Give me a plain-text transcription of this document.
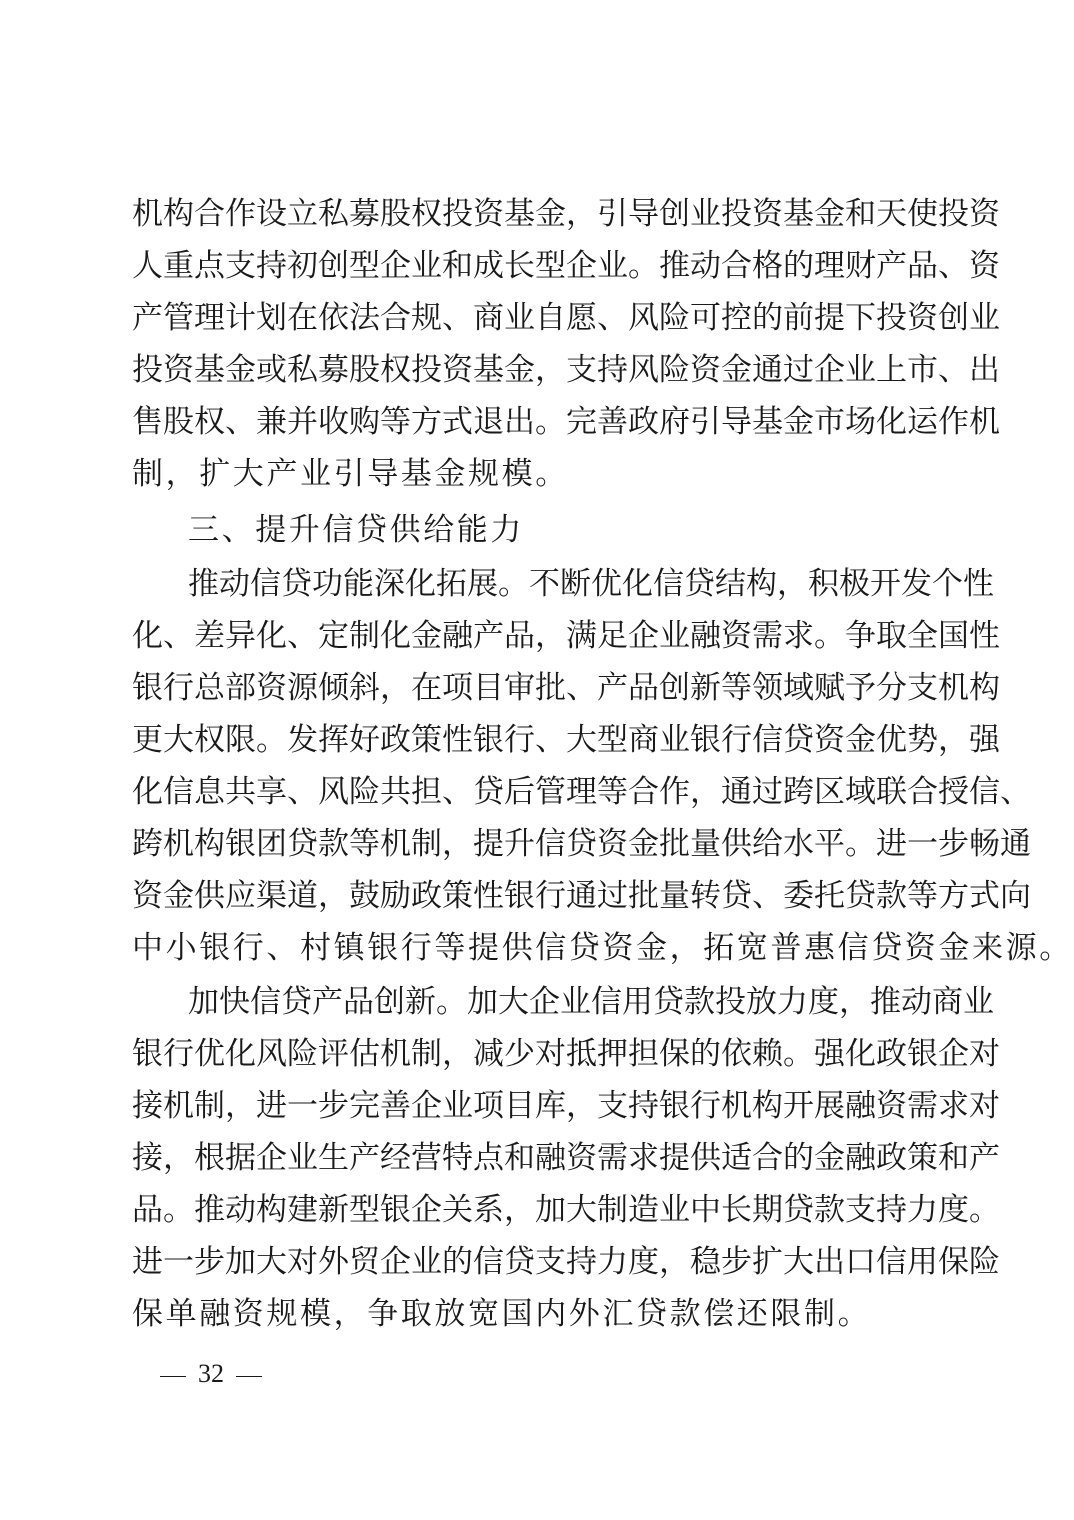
机构合作设立私募股权投资基金，引导创业投资基金和天使投资
人重点支持初创型企业和成长型企业。推动合格的理财产品、资
产管理计划在依法合规、商业自愿、风险可控的前提下投资创业
投资基金或私募股权投资基金，支持风险资金通过企业上市、出
售股权、兼并收购等方式退出。完善政府引导基金市场化运作机
制，扩大产业引导基金规模。
三、提升信贷供给能力
推动信贷功能深化拓展。不断优化信贷结构，积极开发个性
化、差异化、定制化金融产品，满足企业融资需求。争取全国性
银行总部资源倾斜，在项目审批、产品创新等领域赋予分支机构
更大权限。发挥好政策性银行、大型商业银行信贷资金优势，强
化信息共享、风险共担、贷后管理等合作，通过跨区域联合授信、
跨机构银团贷款等机制，提升信贷资金批量供给水平。进一步畅通
资金供应渠道，鼓励政策性银行通过批量转贷、委托贷款等方式向
中小银行、村镇银行等提供信贷资金，拓宽普惠信贷资金来源。
加快信贷产品创新。加大企业信用贷款投放力度，推动商业
银行优化风险评估机制，减少对抵押担保的依赖。强化政银企对
接机制，进一步完善企业项目库，支持银行机构开展融资需求对
接，根据企业生产经营特点和融资需求提供适合的金融政策和产
品。推动构建新型银企关系，加大制造业中长期贷款支持力度。
进一步加大对外贸企业的信贷支持力度，稳步扩大出口信用保险
保单融资规模，争取放宽国内外汇贷款偿还限制。
32
